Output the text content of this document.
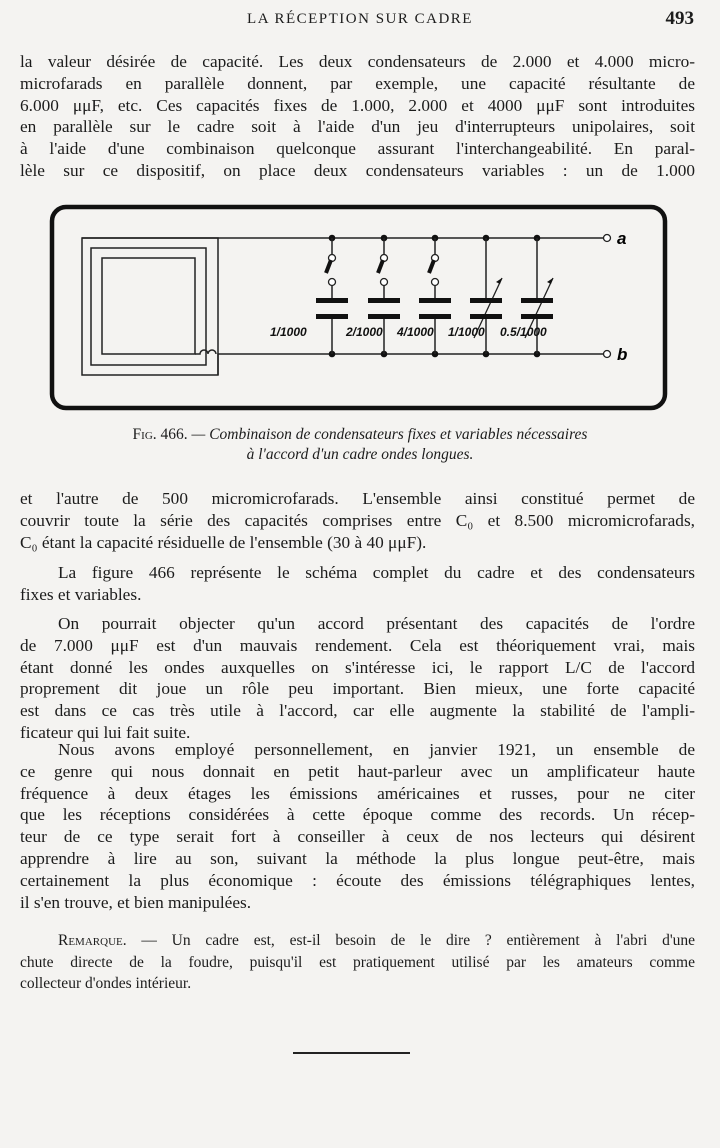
LA RÉCEPTION SUR CADRE	493
la valeur désirée de capacité. Les deux condensateurs de 2.000 et 4.000 micro-
microfarads en parallèle donnent, par exemple, une capacité résultante de
6.000 μμF, etc. Ces capacités fixes de 1.000, 2.000 et 4000 μμF sont introduites
en parallèle sur le cadre soit à l'aide d'un jeu d'interrupteurs unipolaires, soit
à l'aide d'une combinaison quelconque assurant l'interchangeabilité. En paral-
lèle sur ce dispositif, on place deux condensateurs variables : un de 1.000
a
b
1/1000	2/1000 4/1000 1/1000 0.5/1000
Fig. 466. — Combinaison de condensateurs fixes et variables nécessaires
à l'accord d'un cadre ondes longues.
et l'autre de 500 micromicrofarads. L'ensemble ainsi constitué permet de
couvrir toute la série des capacités comprises entre C₀ et 8.500 micromicrofarads,
C₀ étant la capacité résiduelle de l'ensemble (30 à 40 μμF).
La figure 466 représente le schéma complet du cadre et des condensateurs
fixes et variables.
On pourrait objecter qu'un accord présentant des capacités de l'ordre
de 7.000 μμF est d'un mauvais rendement. Cela est théoriquement vrai, mais
étant donné les ondes auxquelles on s'intéresse ici, le rapport L/C de l'accord
proprement dit joue un rôle peu important. Bien mieux, une forte capacité
est dans ce cas très utile à l'accord, car elle augmente la stabilité de l'ampli-
ficateur qui lui fait suite.
Nous avons employé personnellement, en janvier 1921, un ensemble de
ce genre qui nous donnait en petit haut-parleur avec un amplificateur haute
fréquence à deux étages les émissions américaines et russes, pour ne citer
que les réceptions considérées à cette époque comme des records. Un récep-
teur de ce type serait fort à conseiller à ceux de nos lecteurs qui désirent
apprendre à lire au son, suivant la méthode la plus longue peut-être, mais
certainement la plus économique : écoute des émissions télégraphiques lentes,
il s'en trouve, et bien manipulées.
Remarque. — Un cadre est, est-il besoin de le dire ? entièrement à l'abri d'une
chute directe de la foudre, puisqu'il est pratiquement utilisé par les amateurs comme
collecteur d'ondes intérieur.
